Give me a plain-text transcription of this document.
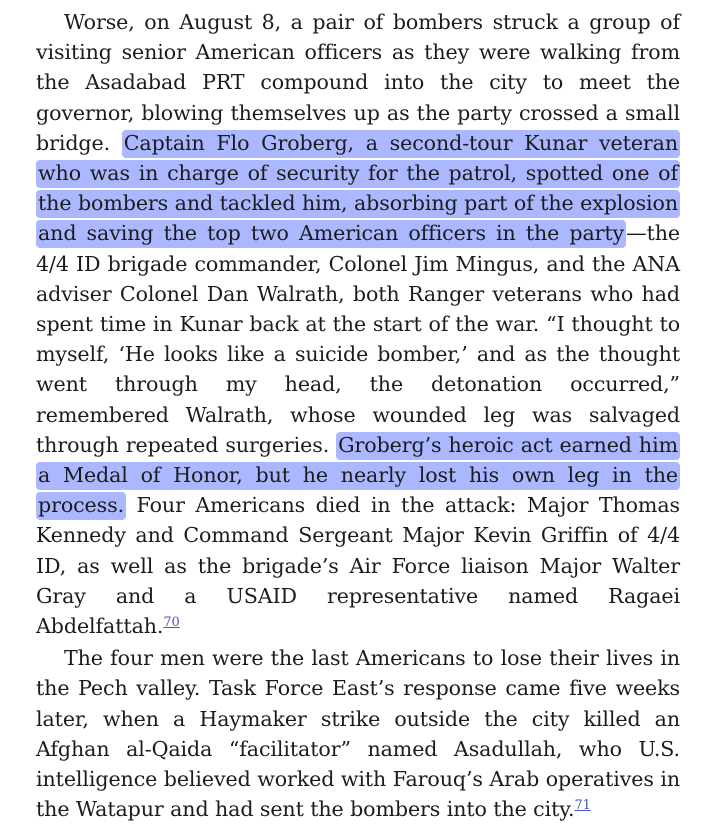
Worse, on August 8, a pair of bombers struck a group of visiting senior American officers as they were walking from the Asadabad PRT compound into the city to meet the governor, blowing themselves up as the party crossed a small bridge. Captain Flo Groberg, a second-tour Kunar veteran who was in charge of security for the patrol, spotted one of the bombers and tackled him, absorbing part of the explosion and saving the top two American officers in the party—the 4/4 ID brigade commander, Colonel Jim Mingus, and the ANA adviser Colonel Dan Walrath, both Ranger veterans who had spent time in Kunar back at the start of the war. “I thought to myself, ‘He looks like a suicide bomber,’ and as the thought went through my head, the detonation occurred,” remembered Walrath, whose wounded leg was salvaged through repeated surgeries. Groberg’s heroic act earned him a Medal of Honor, but he nearly lost his own leg in the process. Four Americans died in the attack: Major Thomas Kennedy and Command Sergeant Major Kevin Griffin of 4/4 ID, as well as the brigade’s Air Force liaison Major Walter Gray and a USAID representative named Ragaei Abdelfattah.$^{70}$

The four men were the last Americans to lose their lives in the Pech valley. Task Force East’s response came five weeks later, when a Haymaker strike outside the city killed an Afghan al-Qaida “facilitator” named Asadullah, who U.S. intelligence believed worked with Farouq’s Arab operatives in the Watapur and had sent the bombers into the city.$^{71}$
